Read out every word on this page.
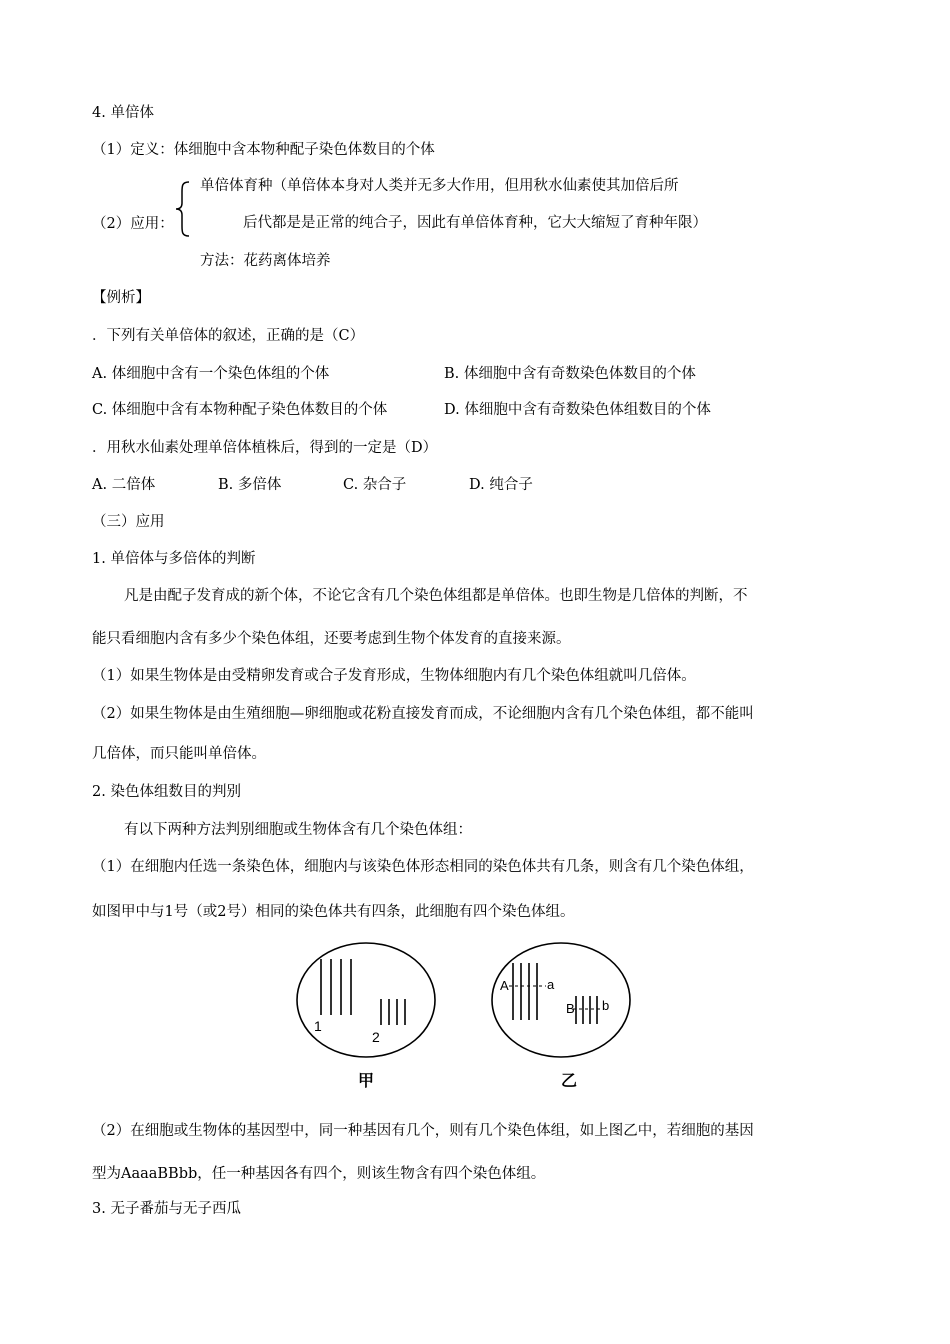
4. 单倍体
（1）定义：体细胞中含本物种配子染色体数目的个体
（2）应用：
单倍体育种（单倍体本身对人类并无多大作用，但用秋水仙素使其加倍后所
后代都是是正常的纯合子，因此有单倍体育种，它大大缩短了育种年限）
方法：花药离体培养
【例析】
．下列有关单倍体的叙述，正确的是（C）
A. 体细胞中含有一个染色体组的个体	B. 体细胞中含有奇数染色体数目的个体
C. 体细胞中含有本物种配子染色体数目的个体	D. 体细胞中含有奇数染色体组数目的个体
．用秋水仙素处理单倍体植株后，得到的一定是（D）
A. 二倍体	B. 多倍体	C. 杂合子	D. 纯合子
（三）应用
1. 单倍体与多倍体的判断
凡是由配子发育成的新个体，不论它含有几个染色体组都是单倍体。也即生物是几倍体的判断，不
能只看细胞内含有多少个染色体组，还要考虑到生物个体发育的直接来源。
（1）如果生物体是由受精卵发育或合子发育形成，生物体细胞内有几个染色体组就叫几倍体。
（2）如果生物体是由生殖细胞—卵细胞或花粉直接发育而成，不论细胞内含有几个染色体组，都不能叫
几倍体，而只能叫单倍体。
2. 染色体组数目的判别
有以下两种方法判别细胞或生物体含有几个染色体组：
（1）在细胞内任选一条染色体，细胞内与该染色体形态相同的染色体共有几条，则含有几个染色体组，
如图甲中与1号（或2号）相同的染色体共有四条，此细胞有四个染色体组。
1
2
甲
A	a
B b
乙
（2）在细胞或生物体的基因型中，同一种基因有几个，则有几个染色体组，如上图乙中，若细胞的基因
型为AaaaBBbb，任一种基因各有四个，则该生物含有四个染色体组。
3. 无子番茄与无子西瓜
